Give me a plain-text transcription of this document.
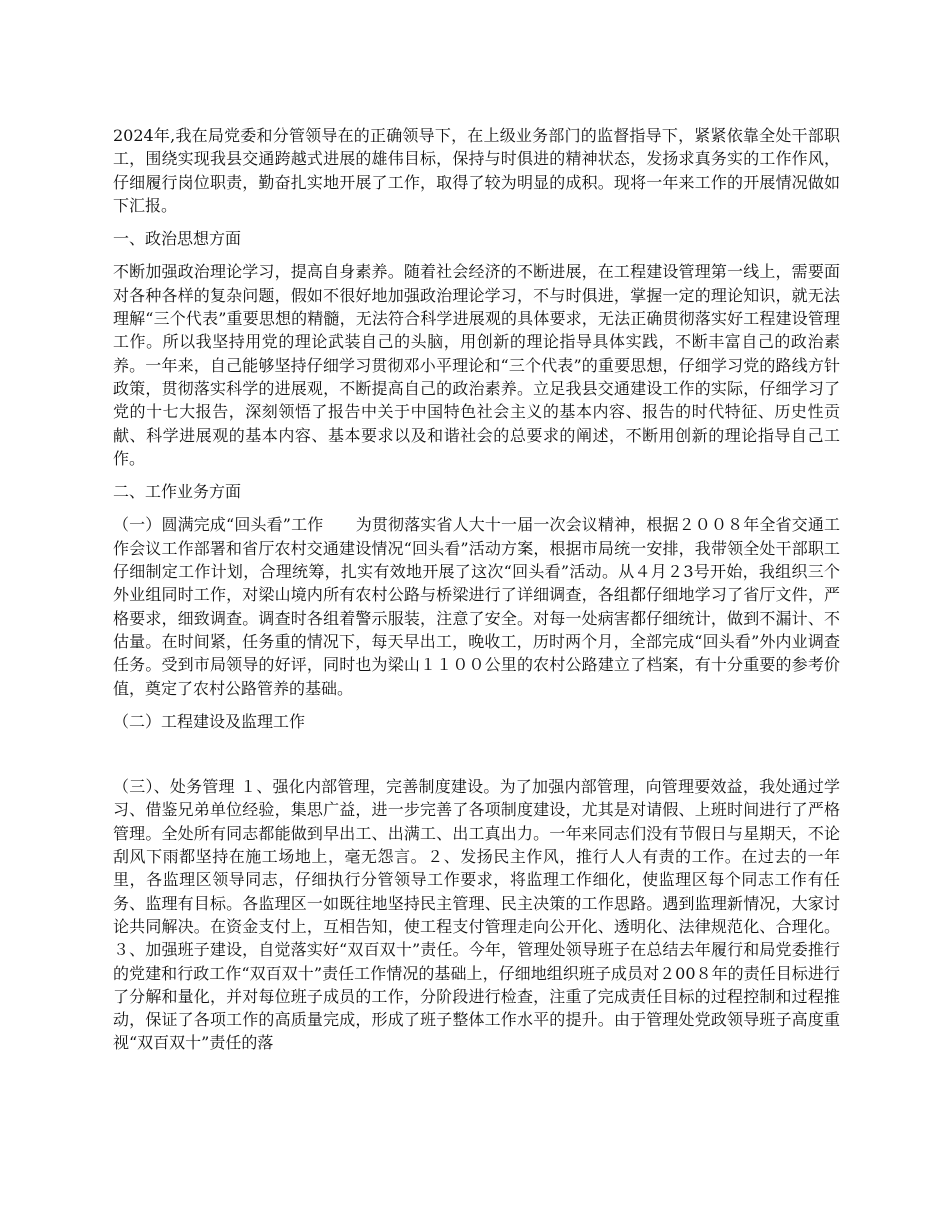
2024年,我在局党委和分管领导在的正确领导下，在上级业务部门的监督指导下，紧紧依靠全处干部职工，围绕实现我县交通跨越式进展的雄伟目标，保持与时俱进的精神状态，发扬求真务实的工作作风，仔细履行岗位职责，勤奋扎实地开展了工作，取得了较为明显的成积。现将一年来工作的开展情况做如下汇报。

一、政治思想方面

不断加强政治理论学习，提高自身素养。随着社会经济的不断进展，在工程建设管理第一线上，需要面对各种各样的复杂问题，假如不很好地加强政治理论学习，不与时俱进，掌握一定的理论知识，就无法理解“三个代表”重要思想的精髓，无法符合科学进展观的具体要求，无法正确贯彻落实好工程建设管理工作。所以我坚持用党的理论武装自己的头脑，用创新的理论指导具体实践，不断丰富自己的政治素养。一年来，自己能够坚持仔细学习贯彻邓小平理论和“三个代表”的重要思想，仔细学习党的路线方针政策，贯彻落实科学的进展观，不断提高自己的政治素养。立足我县交通建设工作的实际，仔细学习了党的十七大报告，深刻领悟了报告中关于中国特色社会主义的基本内容、报告的时代特征、历史性贡献、科学进展观的基本内容、基本要求以及和谐社会的总要求的阐述，不断用创新的理论指导自己工作。

二、工作业务方面

（一）圆满完成“回头看”工作　　为贯彻落实省人大十一届一次会议精神，根据２００８年全省交通工作会议工作部署和省厅农村交通建设情况“回头看”活动方案，根据市局统一安排，我带领全处干部职工仔细制定工作计划，合理统筹，扎实有效地开展了这次“回头看”活动。从４月２3号开始，我组织三个外业组同时工作，对梁山境内所有农村公路与桥梁进行了详细调查，各组都仔细地学习了省厅文件，严格要求，细致调查。调查时各组着警示服装，注意了安全。对每一处病害都仔细统计，做到不漏计、不估量。在时间紧，任务重的情况下，每天早出工，晚收工，历时两个月，全部完成“回头看”外内业调查任务。受到市局领导的好评，同时也为梁山１１００公里的农村公路建立了档案，有十分重要的参考价值，奠定了农村公路管养的基础。

（二）工程建设及监理工作

（三）、处务管理 １、强化内部管理，完善制度建设。为了加强内部管理，向管理要效益，我处通过学习、借鉴兄弟单位经验，集思广益，进一步完善了各项制度建设，尤其是对请假、上班时间进行了严格管理。全处所有同志都能做到早出工、出满工、出工真出力。一年来同志们没有节假日与星期天，不论刮风下雨都坚持在施工场地上，毫无怨言。２、发扬民主作风，推行人人有责的工作。在过去的一年里，各监理区领导同志，仔细执行分管领导工作要求，将监理工作细化，使监理区每个同志工作有任务、监理有目标。各监理区一如既往地坚持民主管理、民主决策的工作思路。遇到监理新情况，大家讨论共同解决。在资金支付上，互相告知，使工程支付管理走向公开化、透明化、法律规范化、合理化。３、加强班子建设，自觉落实好“双百双十”责任。今年，管理处领导班子在总结去年履行和局党委推行的党建和行政工作“双百双十”责任工作情况的基础上，仔细地组织班子成员对２00８年的责任目标进行了分解和量化，并对每位班子成员的工作，分阶段进行检查，注重了完成责任目标的过程控制和过程推动，保证了各项工作的高质量完成，形成了班子整体工作水平的提升。由于管理处党政领导班子高度重视“双百双十”责任的落
